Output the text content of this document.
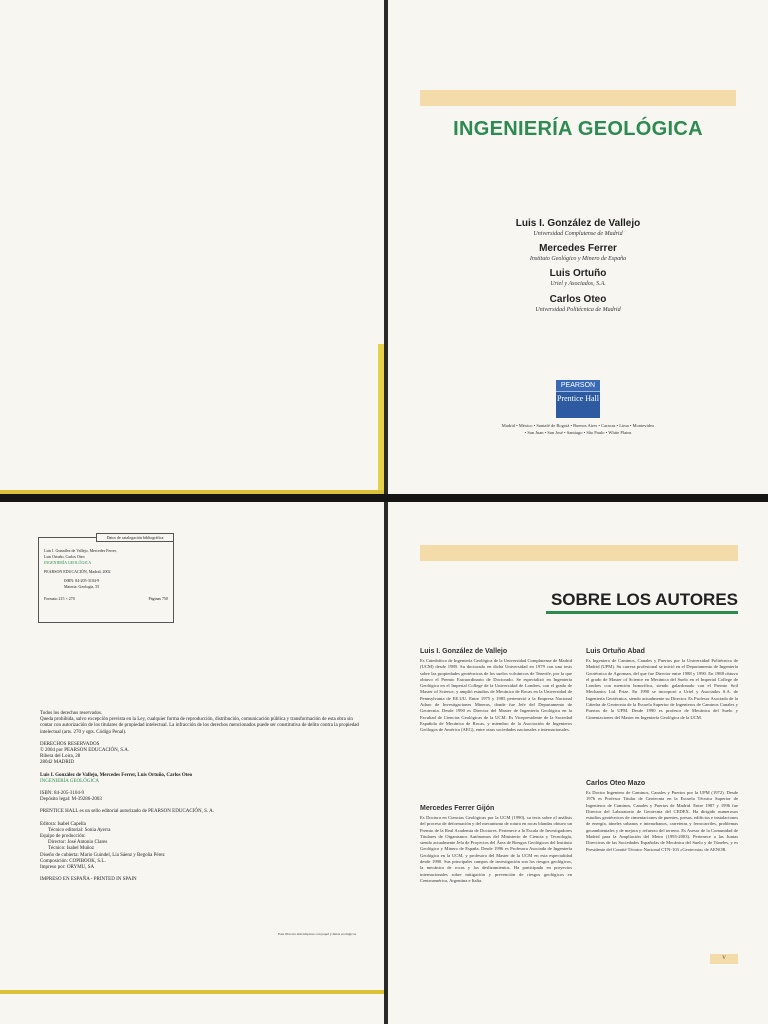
INGENIERÍA GEOLÓGICA
Luis I. González de Vallejo
Universidad Complutense de Madrid
Mercedes Ferrer
Instituto Geológico y Minero de España
Luis Ortuño
Uriel y Asociados, S.A.
Carlos Oteo
Universidad Politécnica de Madrid
PEARSON
Prentice Hall
Madrid • México • Santafé de Bogotá • Buenos Aires • Caracas • Lima • Montevideo
• San Juan • San José • Santiago • São Paulo • White Plains
Luis I. González de Vallejo, Mercedes Ferrer,
Luis Ortuño, Carlos Oteo
INGENIERÍA GEOLÓGICA
PEARSON EDUCACIÓN, Madrid, 2002
ISBN: 84-205-3104-9
Materia: Geología, 55
Formato 215 × 270	Páginas 750
Datos de catalogación bibliográfica
Todos los derechos reservados.
Queda prohibida, salvo excepción prevista en la Ley, cualquier forma de reproducción, distribución, comunicación pública y transformación de esta obra sin contar con autorización de los titulares de propiedad intelectual. La infracción de los derechos mencionados puede ser constitutiva de delito contra la propiedad intelectual (arts. 270 y sgts. Código Penal).
DERECHOS RESERVADOS
© 2004 por PEARSON EDUCACIÓN, S.A.
Ribera del Loira, 28
28042 MADRID
Luis I. González de Vallejo, Mercedes Ferrer, Luis Ortuño, Carlos Oteo
INGENIERÍA GEOLÓGICA
ISBN: 84-205-3104-9
Depósito legal: M-39286-2003
PRENTICE HALL es un sello editorial autorizado de PEARSON EDUCACIÓN, S. A.
Editora: Isabel Capella
Técnico editorial: Sonia Ayerra
Equipo de producción:
Director: José Antonio Clares
Técnico: Isabel Muñoz
Diseño de cubierta: Mario Guindel, Lía Sáenz y Begoña Pérez
Composición: COPIBOOK, S.L.
Impreso por: ORYMU, SA
IMPRESO EN ESPAÑA - PRINTED IN SPAIN
Este libro ha sido impreso con papel y tintas ecológicos
SOBRE LOS AUTORES
Luis I. González de Vallejo
Es Catedrático de Ingeniería Geológica de la Universidad Complutense de Madrid (UCM) desde 1989. Su doctorado en dicha Universidad en 1979 con una tesis sobre las propiedades geotécnicas de los suelos volcánicos de Tenerife, por la que obtuvo el Premio Extraordinario de Doctorado. Se especializó en Ingeniería Geológica en el Imperial College de la Universidad de Londres, con el grado de Master of Science, y amplió estudios de Mecánica de Rocas en la Universidad de Pennsylvania de EE.UU. Entre 1975 y 1985 perteneció a la Empresa Nacional Adaro de Investigaciones Mineras, donde fue Jefe del Departamento de Geotecnia. Desde 1990 es Director del Master de Ingeniería Geológica en la Facultad de Ciencias Geológicas de la UCM. Es Vicepresidente de la Sociedad Española de Mecánica de Rocas, y miembro de la Asociación de Ingenieros Geólogos de América (AEG), entre otras sociedades nacionales e internacionales.
Mercedes Ferrer Gijón
Es Doctora en Ciencias Geológicas por la UCM (1990), su tesis sobre el análisis del proceso de deformación y del mecanismo de rotura en rocas blandas obtuvo un Premio de la Real Academia de Doctores. Pertenece a la Escala de Investigadores Titulares de Organismos Autónomos del Ministerio de Ciencia y Tecnología, siendo actualmente Jefa de Proyectos del Área de Riesgos Geológicos del Instituto Geológico y Minero de España. Desde 1996 es Profesora Asociada de Ingeniería Geológica en la UCM, y profesora del Master de la UCM en esta especialidad desde 1990. Sus principales campos de investigación son los riesgos geológicos, la mecánica de rocas y los deslizamientos. Ha participado en proyectos internacionales sobre mitigación y prevención de riesgos geológicos en Centroamérica, Argentina e Italia.
Luis Ortuño Abad
Es Ingeniero de Caminos, Canales y Puertos por la Universidad Politécnica de Madrid (UPM). Su carrera profesional se inició en el Departamento de Ingeniería Geotécnica de Agroman, del que fue Director entre 1988 y 1990. En 1988 obtuvo el grado de Master of Science en Mecánica del Suelo en el Imperial College de Londres con mención honorífica, siendo galardonado con el Premio Soil Mechanics Ltd. Prize. En 1990 se incorporó a Uriel y Asociados S.A. de Ingeniería Geotécnica, siendo actualmente su Director. Es Profesor Asociado de la Cátedra de Geotecnia de la Escuela Superior de Ingenieros de Caminos Canales y Puertos de la UPM. Desde 1990 es profesor de Mecánica del Suelo y Cimentaciones del Master en Ingeniería Geológica de la UCM.
Carlos Oteo Mazo
Es Doctor Ingeniero de Caminos, Canales y Puertos por la UPM (1972). Desde 1976 es Profesor Titular de Geotecnia en la Escuela Técnica Superior de Ingenieros de Caminos, Canales y Puertos de Madrid. Entre 1987 y 1996 fue Director del Laboratorio de Geotecnia del CEDEX. Ha dirigido numerosos estudios geotécnicos de cimentaciones de puentes, presas, edificios e instalaciones de energía, túneles urbanos e interurbanos, carreteras y ferrocarriles, problemas geoambientales y de mejora y refuerzo del terreno. Es Asesor de la Comunidad de Madrid para la Ampliación del Metro (1995-2003). Pertenece a las Juntas Directivas de las Sociedades Españolas de Mecánica del Suelo y de Túneles, y es Presidente del Comité Técnico Nacional CTN-103 «Geotecnia» de AENOR.
V
